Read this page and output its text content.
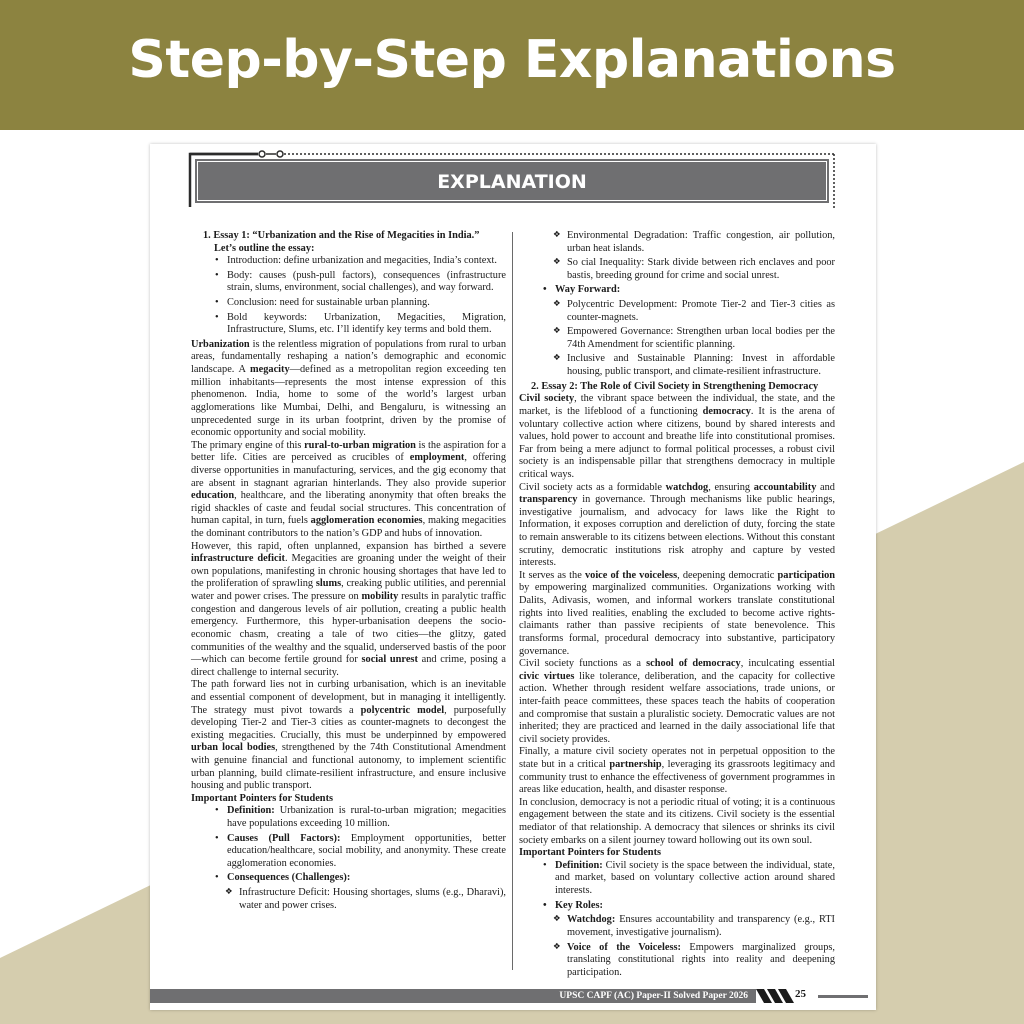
Step-by-Step Explanations
EXPLANATION

1. Essay 1: “Urbanization and the Rise of Megacities in India.”

Let’s outline the essay:

• Introduction: define urbanization and megacities, India’s context.
• Body: causes (push-pull factors), consequences (infrastructure strain, slums, environment, social challenges), and way forward.
• Conclusion: need for sustainable urban planning.
• Bold keywords: Urbanization, Megacities, Migration, Infrastructure, Slums, etc. I’ll identify key terms and bold them.

Urbanization is the relentless migration of populations from rural to urban areas, fundamentally reshaping a nation’s demographic and economic landscape. A megacity—defined as a metropolitan region exceeding ten million inhabitants—represents the most intense expression of this phenomenon. India, home to some of the world’s largest urban agglomerations like Mumbai, Delhi, and Bengaluru, is witnessing an unprecedented surge in its urban footprint, driven by the promise of economic opportunity and social mobility.

The primary engine of this rural-to-urban migration is the aspiration for a better life. Cities are perceived as crucibles of employment, offering diverse opportunities in manufacturing, services, and the gig economy that are absent in stagnant agrarian hinterlands. They also provide superior education, healthcare, and the liberating anonymity that often breaks the rigid shackles of caste and feudal social structures. This concentration of human capital, in turn, fuels agglomeration economies, making megacities the dominant contributors to the nation’s GDP and hubs of innovation.

However, this rapid, often unplanned, expansion has birthed a severe infrastructure deficit. Megacities are groaning under the weight of their own populations, manifesting in chronic housing shortages that have led to the proliferation of sprawling slums, creaking public utilities, and perennial water and power crises. The pressure on mobility results in paralytic traffic congestion and dangerous levels of air pollution, creating a public health emergency. Furthermore, this hyper-urbanisation deepens the socio-economic chasm, creating a tale of two cities—the glitzy, gated communities of the wealthy and the squalid, underserved bastis of the poor—which can become fertile ground for social unrest and crime, posing a direct challenge to internal security.

The path forward lies not in curbing urbanisation, which is an inevitable and essential component of development, but in managing it intelligently. The strategy must pivot towards a polycentric model, purposefully developing Tier-2 and Tier-3 cities as counter-magnets to decongest the existing megacities. Crucially, this must be underpinned by empowered urban local bodies, strengthened by the 74th Constitutional Amendment with genuine financial and functional autonomy, to implement scientific urban planning, build climate-resilient infrastructure, and ensure inclusive housing and public transport.

Important Pointers for Students

• Definition: Urbanization is rural-to-urban migration; megacities have populations exceeding 10 million.
• Causes (Pull Factors): Employment opportunities, better education/healthcare, social mobility, and anonymity. These create agglomeration economies.
• Consequences (Challenges):
❖ Infrastructure Deficit: Housing shortages, slums (e.g., Dharavi), water and power crises.
❖ Environmental Degradation: Traffic congestion, air pollution, urban heat islands.
❖ So cial Inequality: Stark divide between rich enclaves and poor bastis, breeding ground for crime and social unrest.
• Way Forward:
❖ Polycentric Development: Promote Tier-2 and Tier-3 cities as counter-magnets.
❖ Empowered Governance: Strengthen urban local bodies per the 74th Amendment for scientific planning.
❖ Inclusive and Sustainable Planning: Invest in affordable housing, public transport, and climate-resilient infrastructure.

2. Essay 2: The Role of Civil Society in Strengthening Democracy

Civil society, the vibrant space between the individual, the state, and the market, is the lifeblood of a functioning democracy. It is the arena of voluntary collective action where citizens, bound by shared interests and values, hold power to account and breathe life into constitutional promises. Far from being a mere adjunct to formal political processes, a robust civil society is an indispensable pillar that strengthens democracy in multiple critical ways.

Civil society acts as a formidable watchdog, ensuring accountability and transparency in governance. Through mechanisms like public hearings, investigative journalism, and advocacy for laws like the Right to Information, it exposes corruption and dereliction of duty, forcing the state to remain answerable to its citizens between elections. Without this constant scrutiny, democratic institutions risk atrophy and capture by vested interests.

It serves as the voice of the voiceless, deepening democratic participation by empowering marginalized communities. Organizations working with Dalits, Adivasis, women, and informal workers translate constitutional rights into lived realities, enabling the excluded to become active rights-claimants rather than passive recipients of state benevolence. This transforms formal, procedural democracy into substantive, participatory governance.

Civil society functions as a school of democracy, inculcating essential civic virtues like tolerance, deliberation, and the capacity for collective action. Whether through resident welfare associations, trade unions, or inter-faith peace committees, these spaces teach the habits of cooperation and compromise that sustain a pluralistic society. Democratic values are not inherited; they are practiced and learned in the daily associational life that civil society provides.

Finally, a mature civil society operates not in perpetual opposition to the state but in a critical partnership, leveraging its grassroots legitimacy and community trust to enhance the effectiveness of government programmes in areas like education, health, and disaster response.

In conclusion, democracy is not a periodic ritual of voting; it is a continuous engagement between the state and its citizens. Civil society is the essential mediator of that relationship. A democracy that silences or shrinks its civil society embarks on a silent journey toward hollowing out its own soul.

Important Pointers for Students

• Definition: Civil society is the space between the individual, state, and market, based on voluntary collective action around shared interests.
• Key Roles:
❖ Watchdog: Ensures accountability and transparency (e.g., RTI movement, investigative journalism).
❖ Voice of the Voiceless: Empowers marginalized groups, translating constitutional rights into reality and deepening participation.
UPSC CAPF (AC) Paper-II Solved Paper 2026	25
